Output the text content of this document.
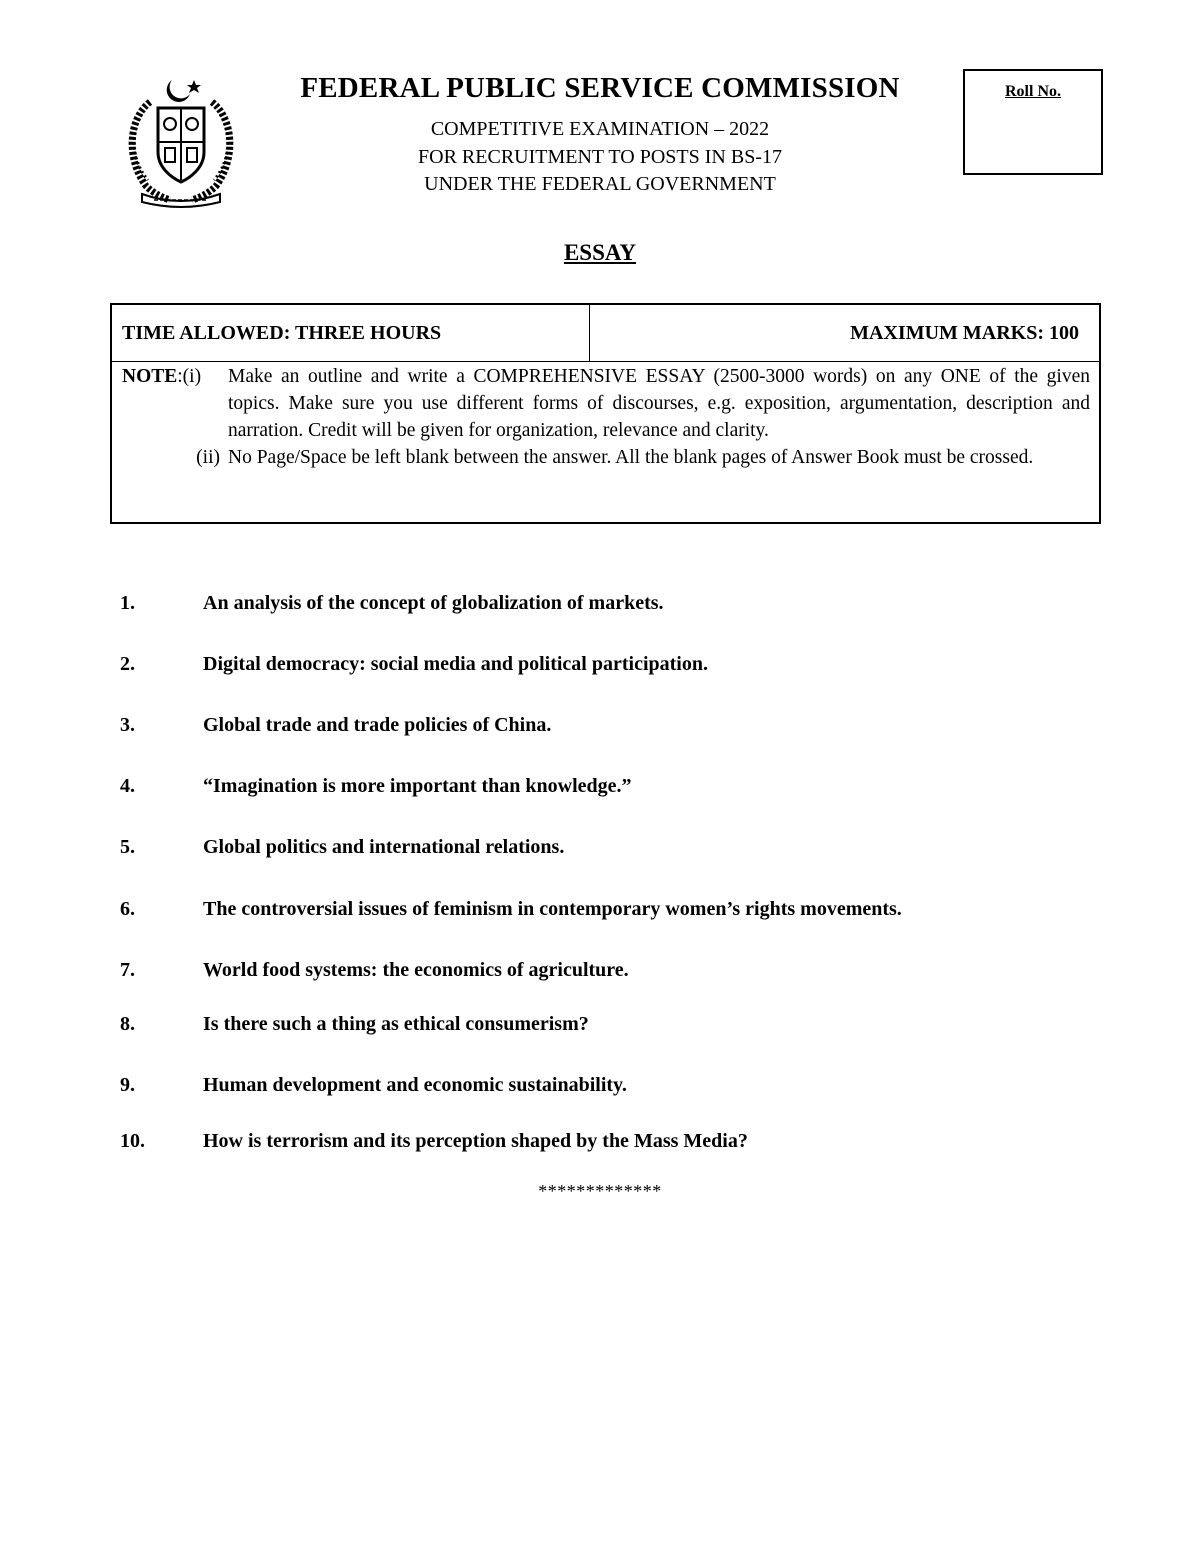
FEDERAL PUBLIC SERVICE COMMISSION
COMPETITIVE EXAMINATION – 2022
FOR RECRUITMENT TO POSTS IN BS-17
UNDER THE FEDERAL GOVERNMENT
Roll No.
ESSAY
TIME ALLOWED: THREE HOURS	MAXIMUM MARKS: 100
NOTE:(i)	Make an outline and write a COMPREHENSIVE ESSAY (2500-3000 words) on any ONE of the given topics. Make sure you use different forms of discourses, e.g. exposition, argumentation, description and narration. Credit will be given for organization, relevance and clarity.
(ii) No Page/Space be left blank between the answer. All the blank pages of Answer Book must be crossed.
1.	An analysis of the concept of globalization of markets.
2.	Digital democracy: social media and political participation.
3.	Global trade and trade policies of China.
4.	“Imagination is more important than knowledge.”
5.	Global politics and international relations.
6.	The controversial issues of feminism in contemporary women’s rights movements.
7.	World food systems: the economics of agriculture.
8.	Is there such a thing as ethical consumerism?
9.	Human development and economic sustainability.
10.	How is terrorism and its perception shaped by the Mass Media?
*************
